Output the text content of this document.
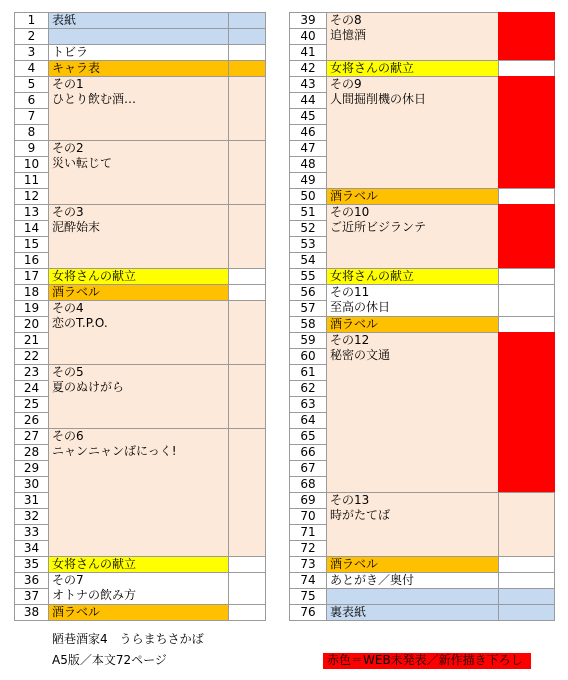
1
2
3
4
5
6
7
8
9
10
11
12
13
14
15
16
17
18
19
20
21
22
23
24
25
26
27
28
29
30
31
32
33
34
35
36
37
38
表紙
トビラ
キャラ表
その1
ひとり飲む酒…
その2
災い転じて
その3
泥酔始末
女将さんの献立
酒ラベル
その4
恋のT.P.O.
その5
夏のぬけがら
その6
ニャンニャンばにっく!
女将さんの献立
その7
オトナの飲み方
酒ラベル
39
40
41
42
43
44
45
46
47
48
49
50
51
52
53
54
55
56
57
58
59
60
61
62
63
64
65
66
67
68
69
70
71
72
73
74
75
76
その8
追憶酒
女将さんの献立
その9
人間掘削機の休日
酒ラベル
その10
ご近所ビジランテ
女将さんの献立
その11
至高の休日
酒ラベル
その12
秘密の文通
その13
時がたてば
酒ラベル
あとがき／奥付
裏表紙
陋巷酒家4　うらまちさかば
A5版／本文72ページ	赤色＝WEB未発表／新作描き下ろし
